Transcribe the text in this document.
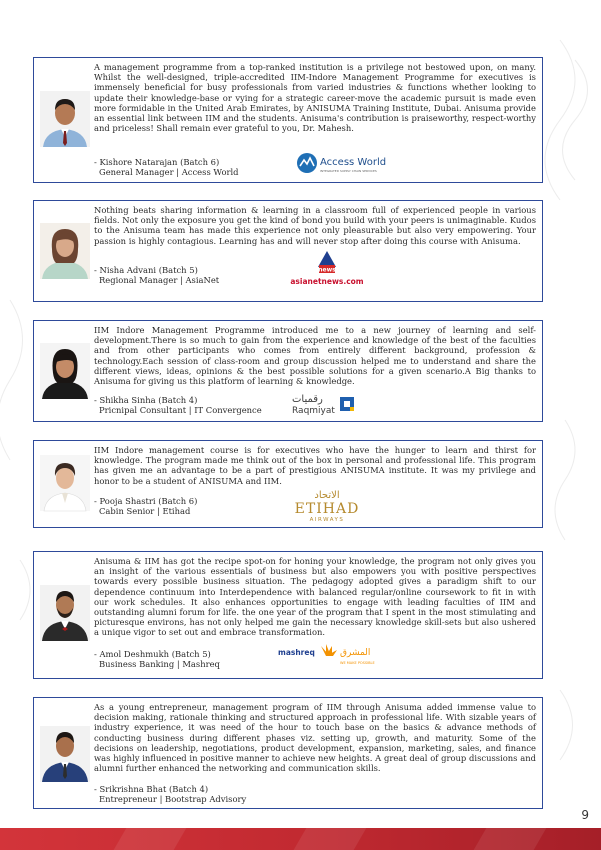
A management programme from a top-ranked institution is a privilege not bestowed upon, on many. Whilst the well-designed, triple-accredited IIM-Indore Management Programme for executives is immensely beneficial for busy professionals from varied industries & functions whether looking to update their knowledge-base or vying for a strategic career-move the academic pursuit is made even more formidable in the United Arab Emirates, by ANISUMA Training Institute, Dubai. Anisuma provide an essential link between IIM and the students. Anisuma's contribution is praiseworthy, respect-worthy and priceless! Shall remain ever grateful to you, Dr. Mahesh.

- Kishore Natarajan (Batch 6)
General Manager | Access World
Access World
INTEGRATED SUPPLY CHAIN SERVICES

Nothing beats sharing information & learning in a classroom full of experienced people in various fields. Not only the exposure you get the kind of bond you build with your peers is unimaginable. Kudos to the Anisuma team has made this experience not only pleasurable but also very empowering. Your passion is highly contagious. Learning has and will never stop after doing this course with Anisuma.

- Nisha Advani (Batch 5)
Regional Manager | AsiaNet
news
asianetnews.com

IIM Indore Management Programme introduced me to a new journey of learning and self-development.There is so much to gain from the experience and knowledge of the best of the faculties and from other participants who comes from entirely different background, profession & technology.Each session of class-room and group discussion helped me to understand and share the different views, ideas, opinions & the best possible solutions for a given scenario.A Big thanks to Anisuma for giving us this platform of learning & knowledge.

- Shikha Sinha (Batch 4)
Pricnipal Consultant | IT Convergence
رقميات
Raqmiyat

IIM Indore management course is for executives who have the hunger to learn and thirst for knowledge. The program made me think out of the box in personal and professional life. This program has given me an advantage to be a part of prestigious ANISUMA institute. It was my privilege and honor to be a student of ANISUMA and IIM.

- Pooja Shastri (Batch 6)
Cabin Senior | Etihad
الاتحاد
ETIHAD
AIRWAYS

Anisuma & IIM has got the recipe spot-on for honing your knowledge, the program not only gives you an insight of the various essentials of business but also empowers you with positive perspectives towards every possible business situation. The pedagogy adopted gives a paradigm shift to our dependence continuum into Interdependence with balanced regular/online coursework to fit in with our work schedules. It also enhances opportunities to engage with leading faculties of IIM and outstanding alumni forum for life. the one year of the program that I spent in the most stimulating and picturesque environs, has not only helped me gain the necessary knowledge skill-sets but also ushered a unique vigor to set out and embrace transformation.

- Amol Deshmukh (Batch 5)
Business Banking | Mashreq
mashreq	المشرق
WE MAKE POSSIBLE

As a young entrepreneur, management program of IIM through Anisuma added immense value to decision making, rationale thinking and structured approach in professional life. With sizable years of industry experience, it was need of the hour to touch base on the basics & advance methods of conducting business during different phases viz. setting up, growth, and maturity. Some of the decisions on leadership, negotiations, product development, expansion, marketing, sales, and finance was highly influenced in positive manner to achieve new heights. A great deal of group discussions and alumni further enhanced the networking and communication skills.

- Srikrishna Bhat (Batch 4)
Entrepreneur | Bootstrap Advisory
9
